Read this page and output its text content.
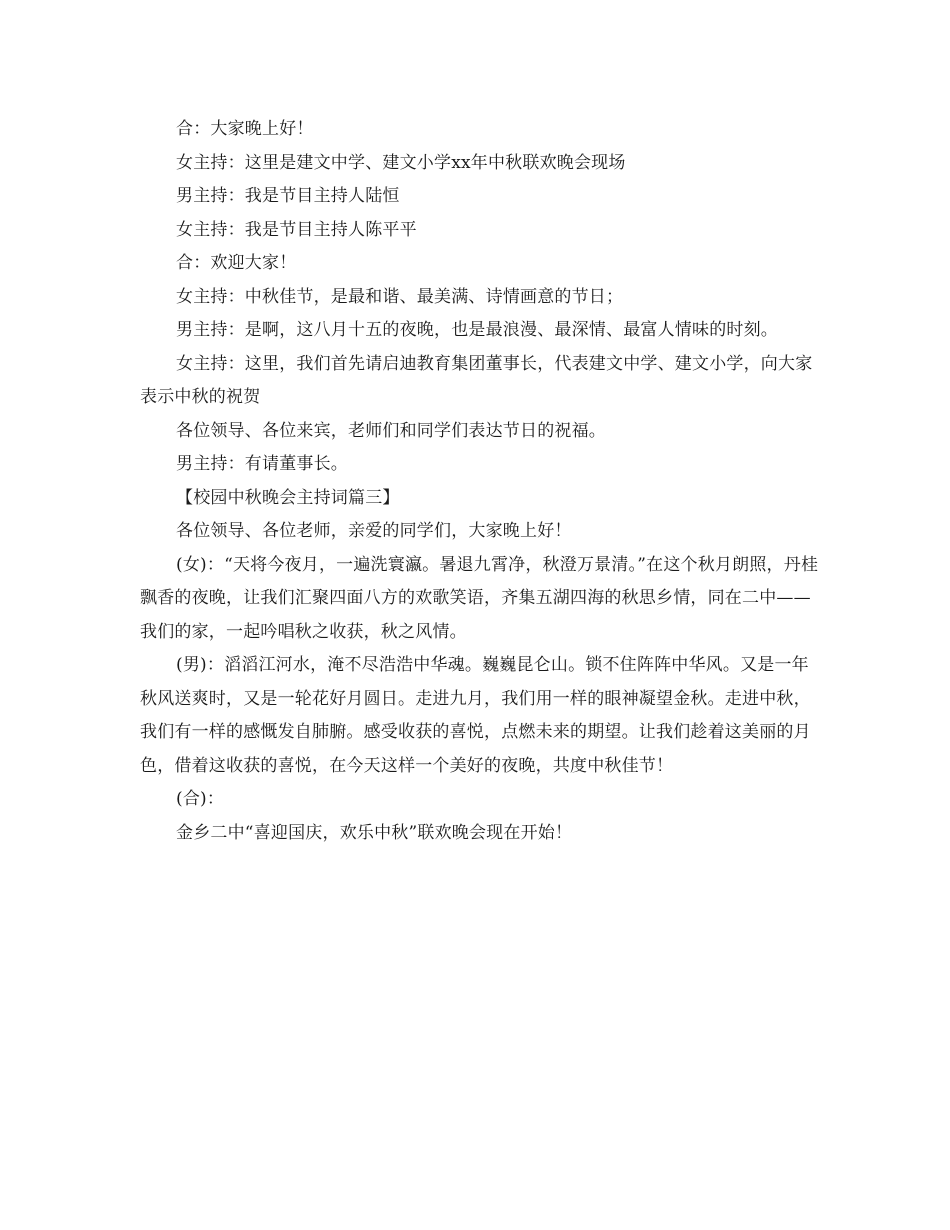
合：大家晚上好！

女主持：这里是建文中学、建文小学xx年中秋联欢晚会现场

男主持：我是节目主持人陆恒

女主持：我是节目主持人陈平平

合：欢迎大家！

女主持：中秋佳节，是最和谐、最美满、诗情画意的节日；

男主持：是啊，这八月十五的夜晚，也是最浪漫、最深情、最富人情味的时刻。

女主持：这里，我们首先请启迪教育集团董事长，代表建文中学、建文小学，向大家表示中秋的祝贺

各位领导、各位来宾，老师们和同学们表达节日的祝福。

男主持：有请董事长。

【校园中秋晚会主持词篇三】

各位领导、各位老师，亲爱的同学们，大家晚上好！

(女)：“天将今夜月，一遍洗寰瀛。暑退九霄净，秋澄万景清。”在这个秋月朗照，丹桂飘香的夜晚，让我们汇聚四面八方的欢歌笑语，齐集五湖四海的秋思乡情，同在二中——我们的家，一起吟唱秋之收获，秋之风情。

(男)：滔滔江河水，淹不尽浩浩中华魂。巍巍昆仑山。锁不住阵阵中华风。又是一年秋风送爽时，又是一轮花好月圆日。走进九月，我们用一样的眼神凝望金秋。走进中秋，我们有一样的感慨发自肺腑。感受收获的喜悦，点燃未来的期望。让我们趁着这美丽的月色，借着这收获的喜悦，在今天这样一个美好的夜晚，共度中秋佳节！

(合)：

金乡二中“喜迎国庆，欢乐中秋”联欢晚会现在开始！
